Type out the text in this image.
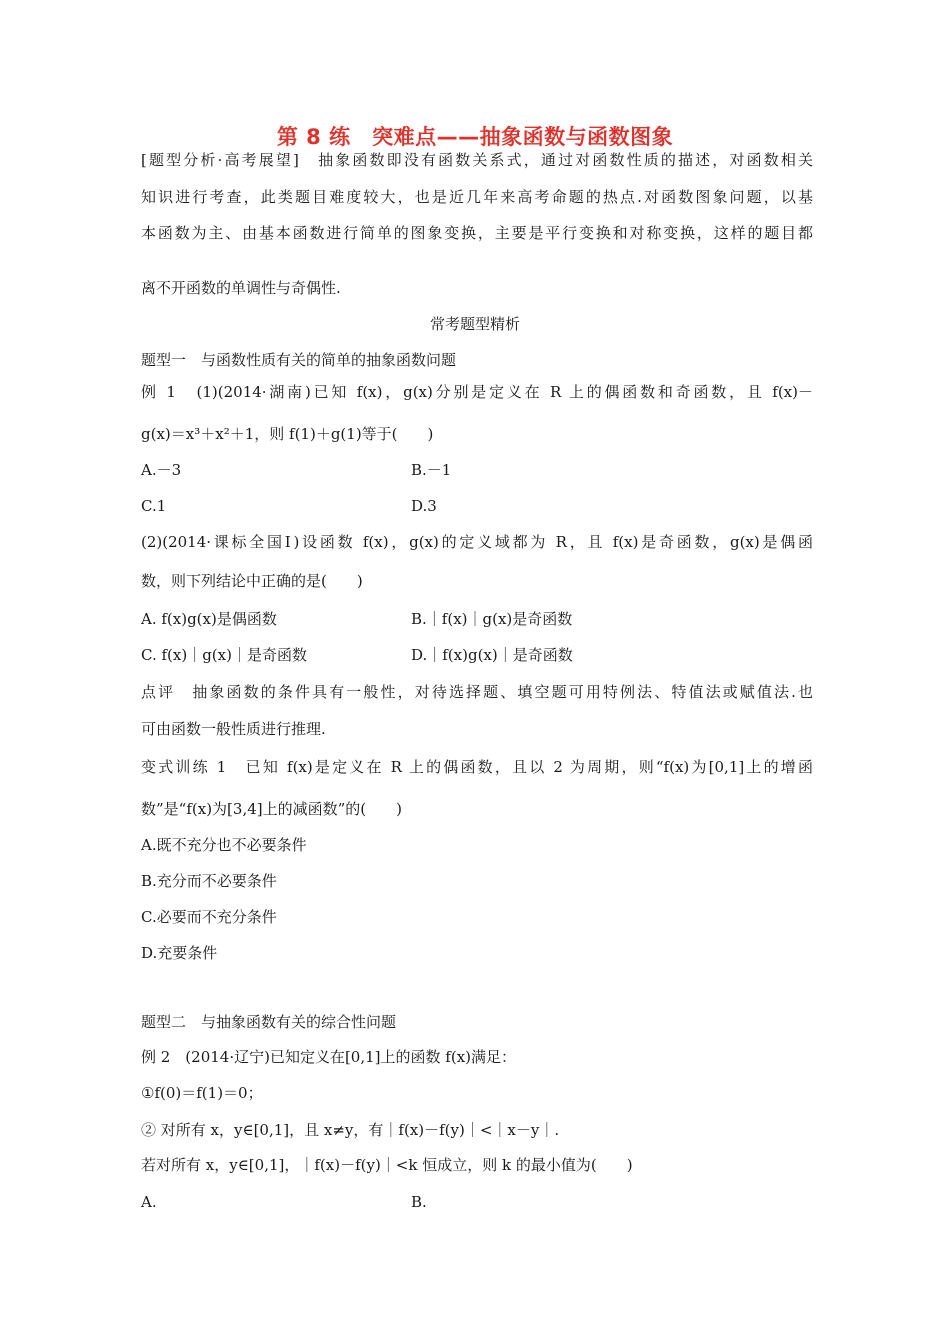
第 8 练　突难点——抽象函数与函数图象
[题型分析·高考展望]　抽象函数即没有函数关系式，通过对函数性质的描述，对函数相关
知识进行考查，此类题目难度较大，也是近几年来高考命题的热点.对函数图象问题，以基
本函数为主、由基本函数进行简单的图象变换，主要是平行变换和对称变换，这样的题目都
离不开函数的单调性与奇偶性.
常考题型精析
题型一　与函数性质有关的简单的抽象函数问题
例 1　(1)(2014·湖南)已知 f(x)，g(x)分别是定义在 R 上的偶函数和奇函数，且 f(x)－
g(x)＝x³＋x²＋1，则 f(1)＋g(1)等于(　　)
A.－3	B.－1
C.1	D.3
(2)(2014·课标全国Ⅰ)设函数 f(x)，g(x)的定义域都为 R，且 f(x)是奇函数，g(x)是偶函
数，则下列结论中正确的是(　　)
A. f(x)g(x)是偶函数	B.｜f(x)｜g(x)是奇函数
C. f(x)｜g(x)｜是奇函数	D.｜f(x)g(x)｜是奇函数
点评　抽象函数的条件具有一般性，对待选择题、填空题可用特例法、特值法或赋值法.也
可由函数一般性质进行推理.
变式训练 1　已知 f(x)是定义在 R 上的偶函数，且以 2 为周期，则“f(x)为[0,1]上的增函
数”是“f(x)为[3,4]上的减函数”的(　　)
A.既不充分也不必要条件
B.充分而不必要条件
C.必要而不充分条件
D.充要条件
题型二　与抽象函数有关的综合性问题
例 2　(2014·辽宁)已知定义在[0,1]上的函数 f(x)满足：
①f(0)＝f(1)＝0；
② 对所有 x，y∈[0,1]，且 x≠y，有｜f(x)－f(y)｜<｜x－y｜.
若对所有 x，y∈[0,1]，｜f(x)－f(y)｜<k 恒成立，则 k 的最小值为(　　)
A.	B.
